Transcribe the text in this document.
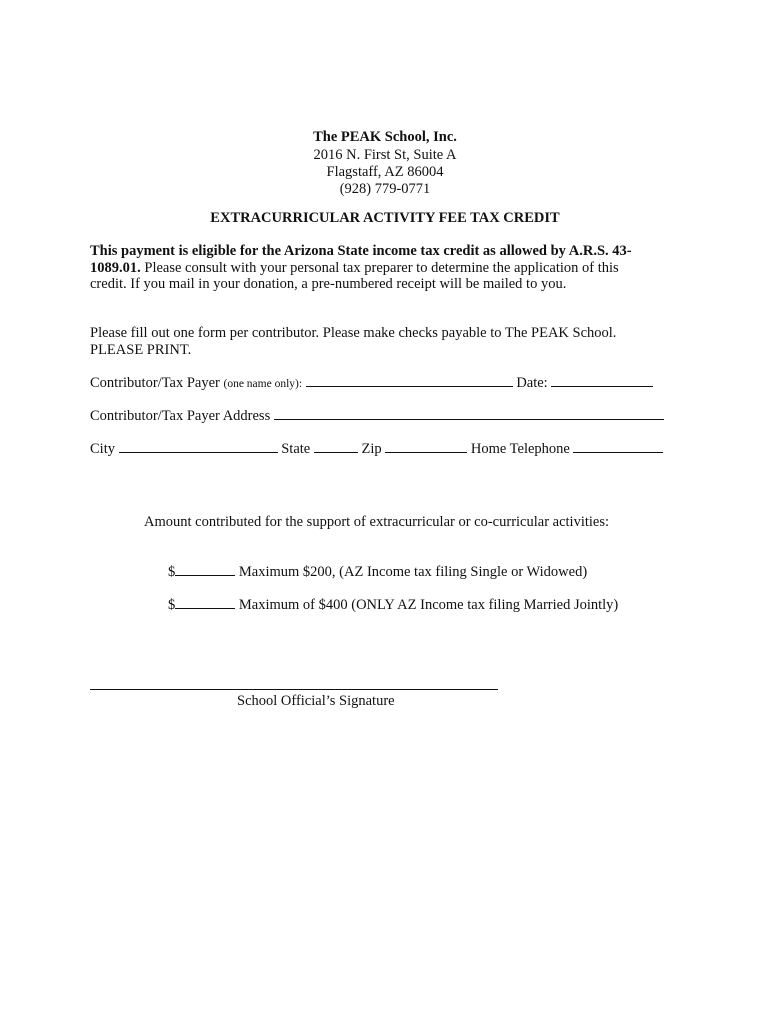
The PEAK School, Inc.
2016 N. First St, Suite A
Flagstaff, AZ 86004
(928) 779-0771
EXTRACURRICULAR ACTIVITY FEE TAX CREDIT
This payment is eligible for the Arizona State income tax credit as allowed by A.R.S. 43-
1089.01. Please consult with your personal tax preparer to determine the application of this
credit. If you mail in your donation, a pre-numbered receipt will be mailed to you.
Please fill out one form per contributor. Please make checks payable to The PEAK School.
PLEASE PRINT.
Contributor/Tax Payer (one name only):	Date:
Contributor/Tax Payer Address
City	State	Zip	Home Telephone
Amount contributed for the support of extracurricular or co-curricular activities:
$	Maximum $200, (AZ Income tax filing Single or Widowed)
$	Maximum of $400 (ONLY AZ Income tax filing Married Jointly)
School Official’s Signature
